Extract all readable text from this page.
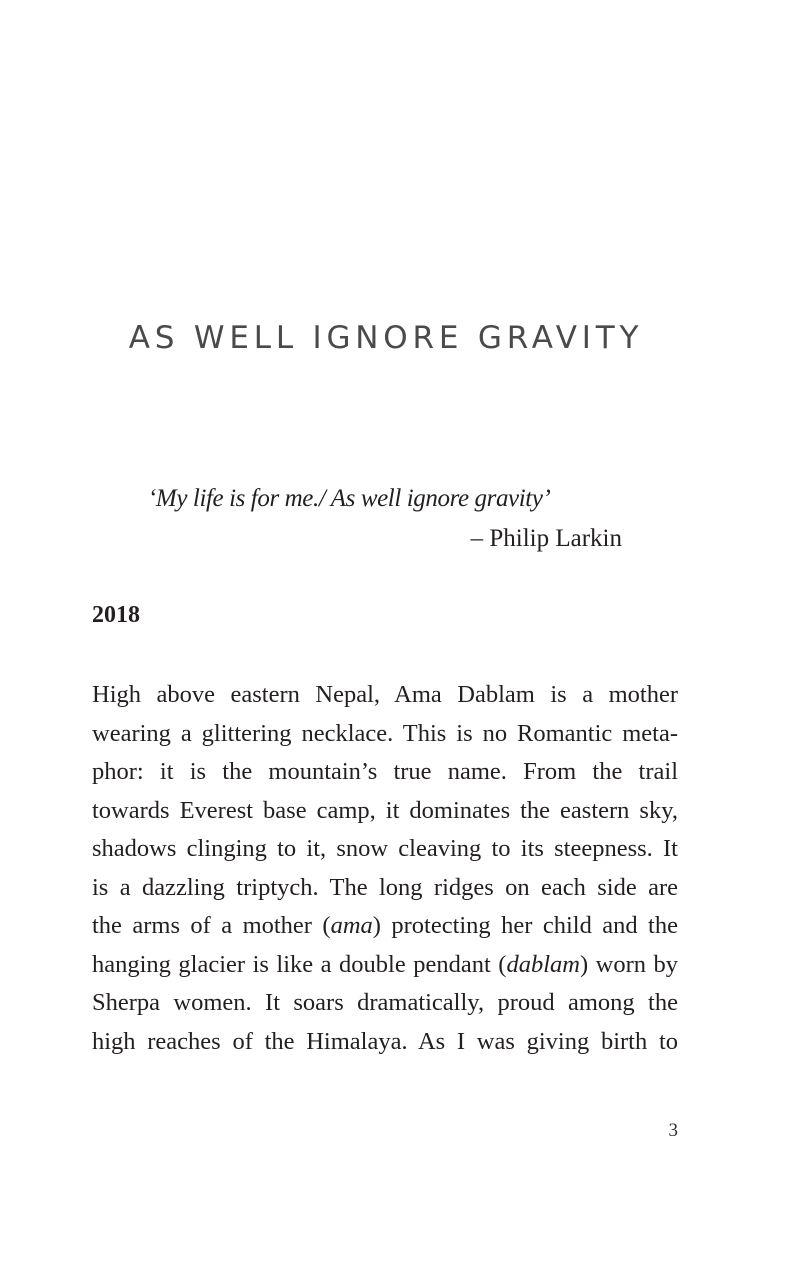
AS WELL IGNORE GRAVITY
‘My life is for me./ As well ignore gravity’
– Philip Larkin
2018
High above eastern Nepal, Ama Dablam is a mother
wearing a glittering necklace. This is no Romantic meta-
phor: it is the mountain’s true name. From the trail
towards Everest base camp, it dominates the eastern sky,
shadows clinging to it, snow cleaving to its steepness. It
is a dazzling triptych. The long ridges on each side are
the arms of a mother (ama) protecting her child and the
hanging glacier is like a double pendant (dablam) worn by
Sherpa women. It soars dramatically, proud among the
high reaches of the Himalaya. As I was giving birth to
3
